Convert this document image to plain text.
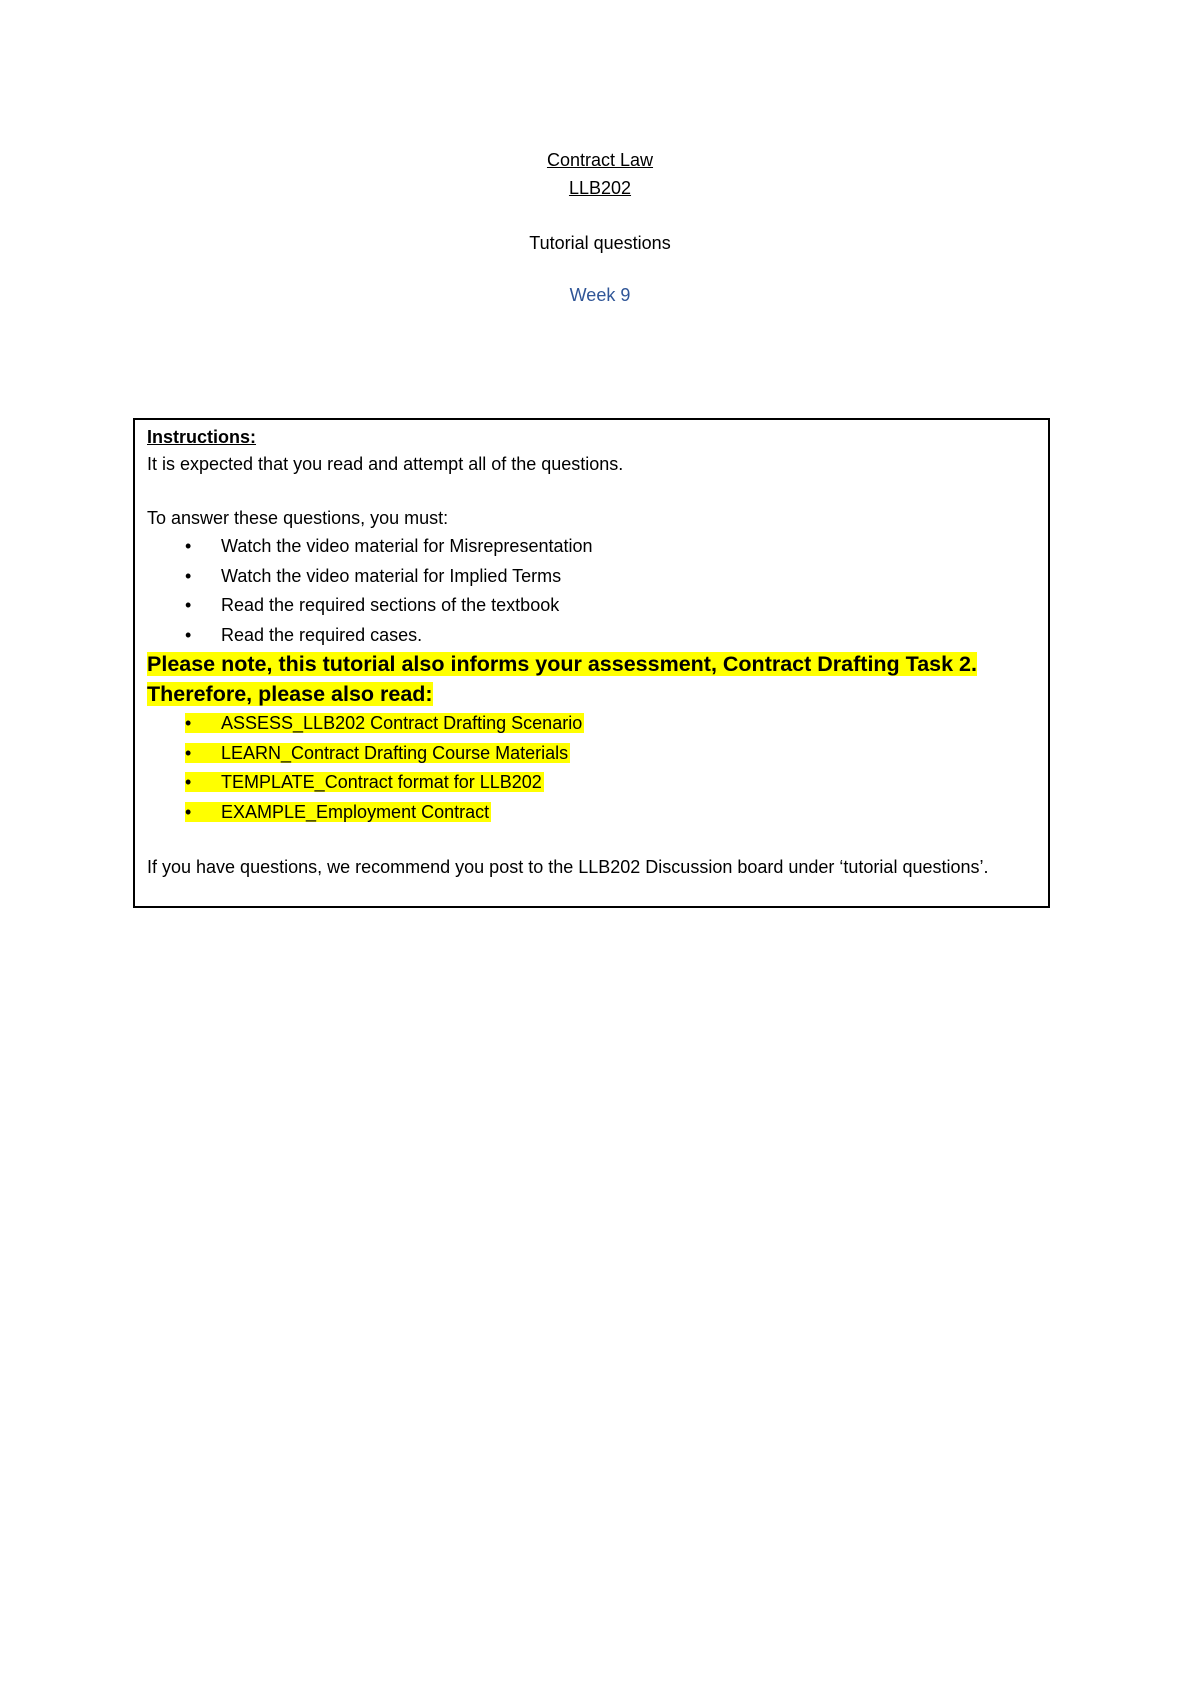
Contract Law
LLB202
Tutorial questions
Week 9

Instructions:

It is expected that you read and attempt all of the questions.

To answer these questions, you must:

•	Watch the video material for Misrepresentation
•	Watch the video material for Implied Terms
•	Read the required sections of the textbook
•	Read the required cases.

Please note, this tutorial also informs your assessment, Contract Drafting Task 2.

Therefore, please also read:

•	ASSESS_LLB202 Contract Drafting Scenario
•	LEARN_Contract Drafting Course Materials
•	TEMPLATE_Contract format for LLB202
•	EXAMPLE_Employment Contract

If you have questions, we recommend you post to the LLB202 Discussion board under ‘tutorial questions’.
